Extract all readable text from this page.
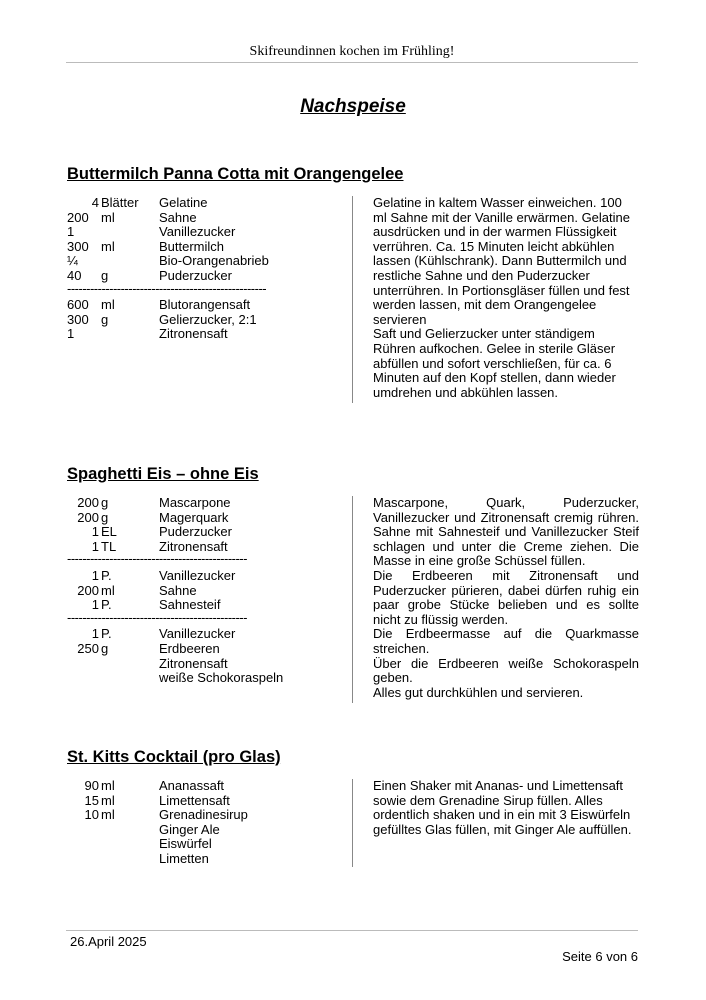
Skifreundinnen kochen im Frühling!
Nachspeise
Buttermilch Panna Cotta mit Orangengelee
4 Blätter	Gelatine
200 ml	Sahne
1	Vanillezucker
300 ml	Buttermilch
¼	Bio-Orangenabrieb
40	g	Puderzucker
----------------------------------------------------
600 ml	Blutorangensaft
300 g	Gelierzucker, 2:1
1	Zitronensaft

Gelatine in kaltem Wasser einweichen. 100 ml Sahne mit der Vanille erwärmen. Gelatine ausdrücken und in der warmen Flüssigkeit verrühren. Ca. 15 Minuten leicht abkühlen lassen (Kühlschrank). Dann Buttermilch und restliche Sahne und den Puderzucker unterrühren. In Portionsgläser füllen und fest werden lassen, mit dem Orangengelee servieren

Saft und Gelierzucker unter ständigem Rühren aufkochen. Gelee in sterile Gläser abfüllen und sofort verschließen, für ca. 6 Minuten auf den Kopf stellen, dann wieder umdrehen und abkühlen lassen.

Spaghetti Eis – ohne Eis
200 g	Mascarpone
200 g	Magerquark
1 EL	Puderzucker
1 TL	Zitronensaft
-----------------------------------------------
1 P.	Vanillezucker
200 ml	Sahne
1 P.	Sahnesteif
-----------------------------------------------
1 P.	Vanillezucker
250 g	Erdbeeren
Zitronensaft
weiße Schokoraspeln

Mascarpone, Quark, Puderzucker, Vanillezucker und Zitronensaft cremig rühren. Sahne mit Sahnesteif und Vanillezucker Steif schlagen und unter die Creme ziehen. Die Masse in eine große Schüssel füllen.

Die Erdbeeren mit Zitronensaft und Puderzucker pürieren, dabei dürfen ruhig ein paar grobe Stücke belieben und es sollte nicht zu flüssig werden.

Die Erdbeermasse auf die Quarkmasse streichen.

Über die Erdbeeren weiße Schokoraspeln geben.

Alles gut durchkühlen und servieren.

St. Kitts Cocktail (pro Glas)
90 ml	Ananassaft
15 ml	Limettensaft
10 ml	Grenadinesirup
Ginger Ale
Eiswürfel
Limetten

Einen Shaker mit Ananas- und Limettensaft sowie dem Grenadine Sirup füllen. Alles ordentlich shaken und in ein mit 3 Eiswürfeln gefülltes Glas füllen, mit Ginger Ale auffüllen.

26.April 2025
Seite 6 von 6
